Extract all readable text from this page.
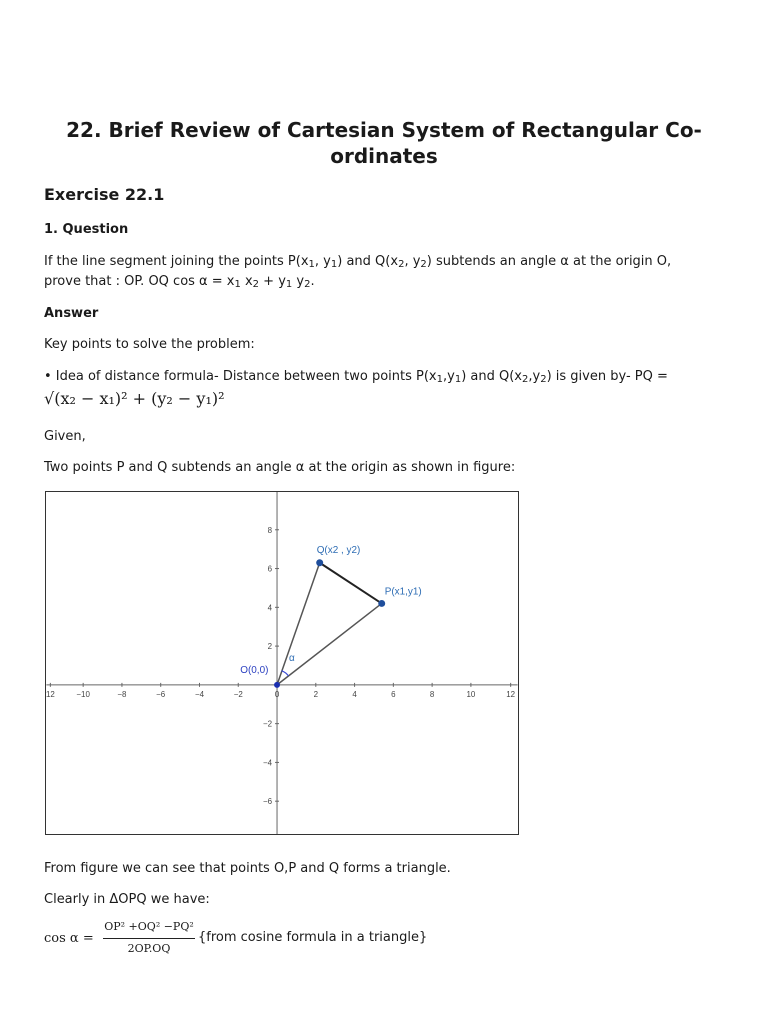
22. Brief Review of Cartesian System of Rectangular Co-ordinates
Exercise 22.1
1. Question

If the line segment joining the points $P(x_1$, $y_1$) and $Q(x_2$, $y_2$) subtends an angle α at the origin O,
prove that : OP. OQ $\cos \alpha = x_1$ $x_2 + y_1$ $y_2$.

Answer

Key points to solve the problem:

• Idea of distance formula- Distance between two points $P(x_1,y_1)$ and $Q(x_2,y_2)$ is given by- PQ =

√(x₂ − x₁)² + (y₂ − y₁)²

Given,

Two points P and Q subtends an angle α at the origin as shown in figure:

From figure we can see that points O,P and Q forms a triangle.

Clearly in ΔOPQ we have:

$\cos \alpha = \frac{\text{OP² +OQ² −PQ²}}{2OP.OQ}$ {from cosine formula in a triangle}
12	−10	−8	−6	−4	−2	0	2	4	6	8	10	12
8
6
4
2
−2
−4
−6
α
O(0,0)
P(x1,y1)
Q(x2 , y2)
